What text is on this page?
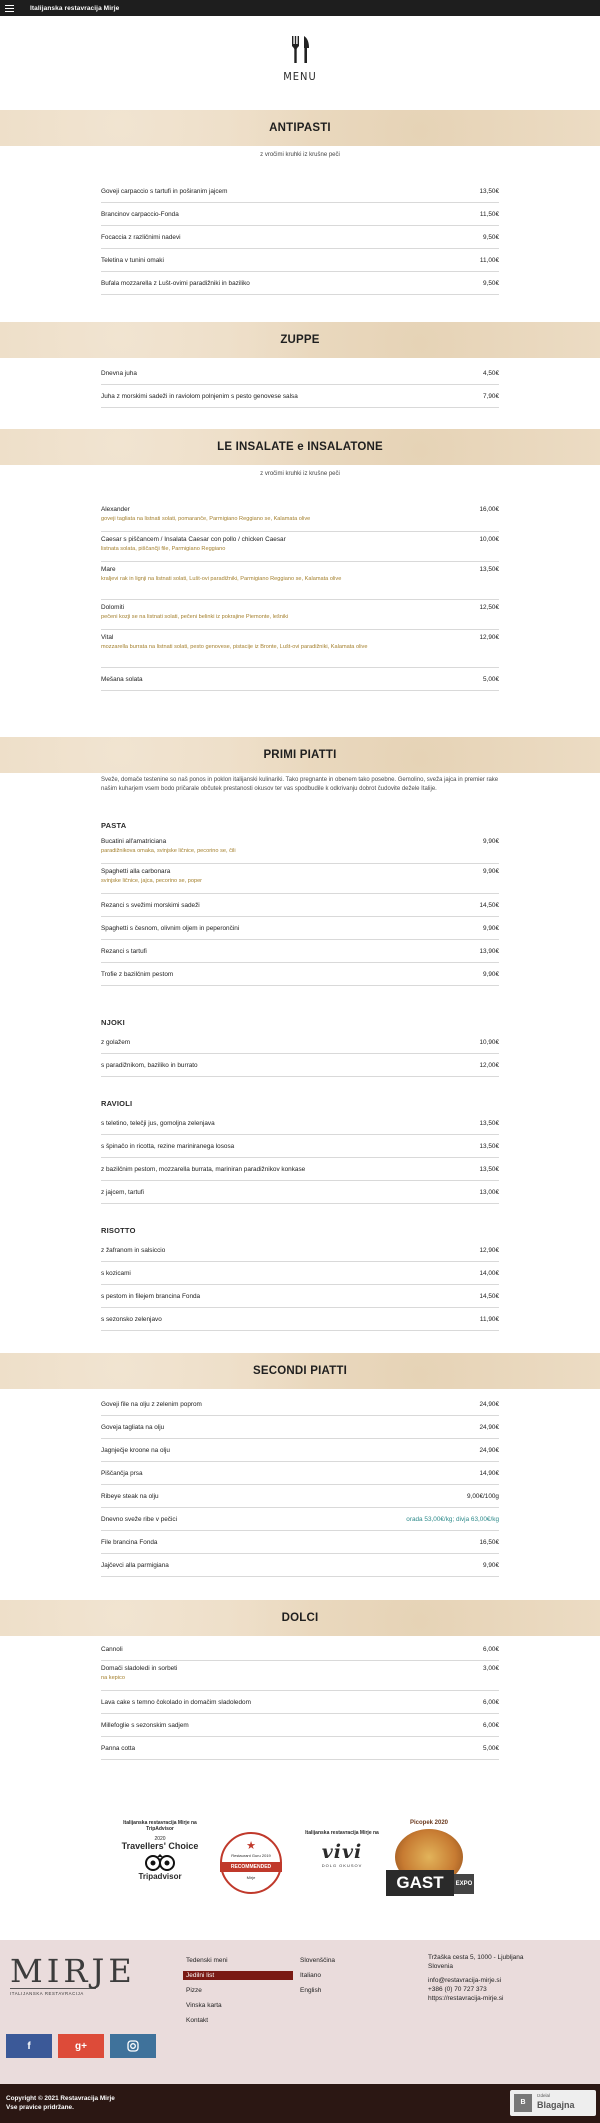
Italijanska restavracija Mirje
MENU
ANTIPASTI
z vročimi kruhki iz krušne peči
Goveji carpaccio s tartufi in poširanim jajcem	13,50€
Brancinov carpaccio-Fonda	11,50€
Focaccia z različnimi nadevi	9,50€
Teletina v tunini omaki	11,00€
Bufala mozzarella z Lušt-ovimi paradižniki in baziliko	9,50€
ZUPPE
Dnevna juha	4,50€
Juha z morskimi sadeži in raviolom polnjenim s pesto genovese salsa	7,90€
LE INSALATE e INSALATONE
z vročimi kruhki iz krušne peči
Alexander	16,00€
goveji tagliata na listnati solati, pomaranče, Parmigiano Reggiano se, Kalamata olive
Caesar s piščancem / Insalata Caesar con pollo / chicken Caesar	10,00€
listnata solata, piščančji file, Parmigiano Reggiano
Mare	13,50€
kraljevi rak in lignji na listnati solati, Lušt-ovi paradižniki, Parmigiano Reggiano se, Kalamata olive
Dolomiti	12,50€
pečeni kozji se na listnati solati, pečeni belinki iz pokrajine Piemonte, lešniki
Vital	12,90€
mozzarella burrata na listnati solati, pesto genovese, pistacije iz Bronte, Lušt-ovi paradižniki, Kalamata olive
Mešana solata	5,00€
PRIMI PIATTI
Sveže, domače testenine so naš ponos in poklon italijanski kulinariki. Tako pregnante in obenem tako posebne. Gemolino, sveža jajca in premier rake našim kuharjem vsem bodo pričarale občutek prestanosti okusov ter vas spodbudile k odkrivanju dobrot čudovite dežele Italije.
PASTA
Bucatini all'amatriciana	9,90€
paradižnikova omaka, svinjske ličnice, pecorino se, čili
Spaghetti alla carbonara	9,90€
svinjske ličnice, jajca, pecorino se, poper
Rezanci s svežimi morskimi sadeži	14,50€
Spaghetti s česnom, olivnim oljem in peperončini	9,90€
Rezanci s tartufi	13,90€
Trofie z bazilčnim pestom	9,90€
NJOKI
z golažem	10,90€
s paradižnikom, baziliko in burrato	12,00€
RAVIOLI
s teletino, telečji jus, gomoljna zelenjava	13,50€
s špinačo in ricotta, rezine mariniranega lososa	13,50€
z bazilčnim pestom, mozzarella burrata, mariniran paradižnikov konkase	13,50€
z jajcem, tartufi	13,00€
RISOTTO
z žafranom in salsiccio	12,90€
s kozicami	14,00€
s pestom in filejem brancina Fonda	14,50€
s sezonsko zelenjavo	11,90€
SECONDI PIATTI
Goveji file na olju z zelenim poprom	24,90€
Goveja tagliata na olju	24,90€
Jagnječje kroone na olju	24,90€
Piščančja prsa	14,90€
Ribeye steak na olju	9,00€/100g
Dnevno sveže ribe v pečici	orada 53,00€/kg; divja 63,00€/kg
File brancina Fonda	16,50€
Jajčevci alla parmigiana	9,90€
DOLCI
Cannoli	6,00€
Domači sladoledi in sorbeti	3,00€
na kepico
Lava cake s temno čokolado in domačim sladoledom	6,00€
Millefoglie s sezonskim sadjem	6,00€
Panna cotta	5,00€
Italijanska restavracija Mirje na TripAdvisor
2020
Travellers' Choice
Tripadvisor
★
Restaurant Guru 2019
RECOMMENDED
Mirje
Italijanska restavracija Mirje na
vivi
DOLG OKUSOV
Picopek 2020
GAST	EXPO
MIRJE
ITALIJANSKA RESTAVRACIJA
Tedenski meni
Jedilni list
Pizze
Vinska karta
Kontakt
Slovenščina
Italiano
English
Tržaška cesta 5, 1000 - Ljubljana
Slovenia
info@restavracija-mirje.si
+386 (0) 70 727 373
https://restavracija-mirje.si
f	g+
Copyright © 2021 Restavracija Mirje
Vse pravice pridržane.
B
Izdelal
Blagajna
